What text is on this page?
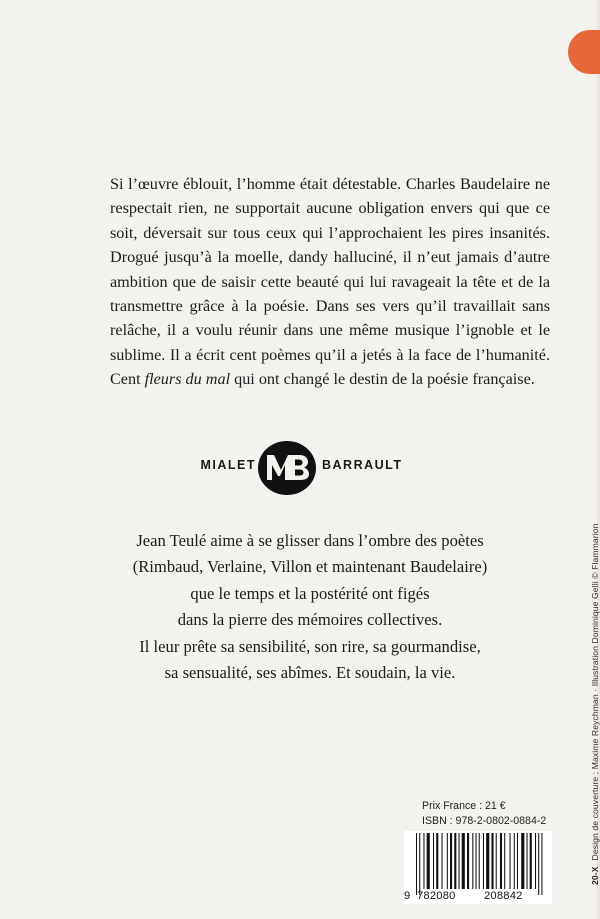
Si l’œuvre éblouit, l’homme était détestable. Charles Baudelaire ne respectait rien, ne supportait aucune obligation envers qui que ce soit, déversait sur tous ceux qui l’approchaient les pires insanités. Drogué jusqu’à la moelle, dandy halluciné, il n’eut jamais d’autre ambition que de saisir cette beauté qui lui ravageait la tête et de la transmettre grâce à la poésie. Dans ses vers qu’il travaillait sans relâche, il a voulu réunir dans une même musique l’ignoble et le sublime. Il a écrit cent poèmes qu’il a jetés à la face de l’humanité. Cent fleurs du mal qui ont changé le destin de la poésie française.

MIALET	BARRAULT
Jean Teulé aime à se glisser dans l’ombre des poètes
(Rimbaud, Verlaine, Villon et maintenant Baudelaire)
que le temps et la postérité ont figés
dans la pierre des mémoires collectives.
Il leur prête sa sensibilité, son rire, sa gourmandise,
sa sensualité, ses abîmes. Et soudain, la vie.
20-XDesign de couverture : Maxime Reychman · Illustration Dominique Gelli © Flammarion
Prix France : 21 €
ISBN : 978-2-0802-0884-2
9 782080	208842
